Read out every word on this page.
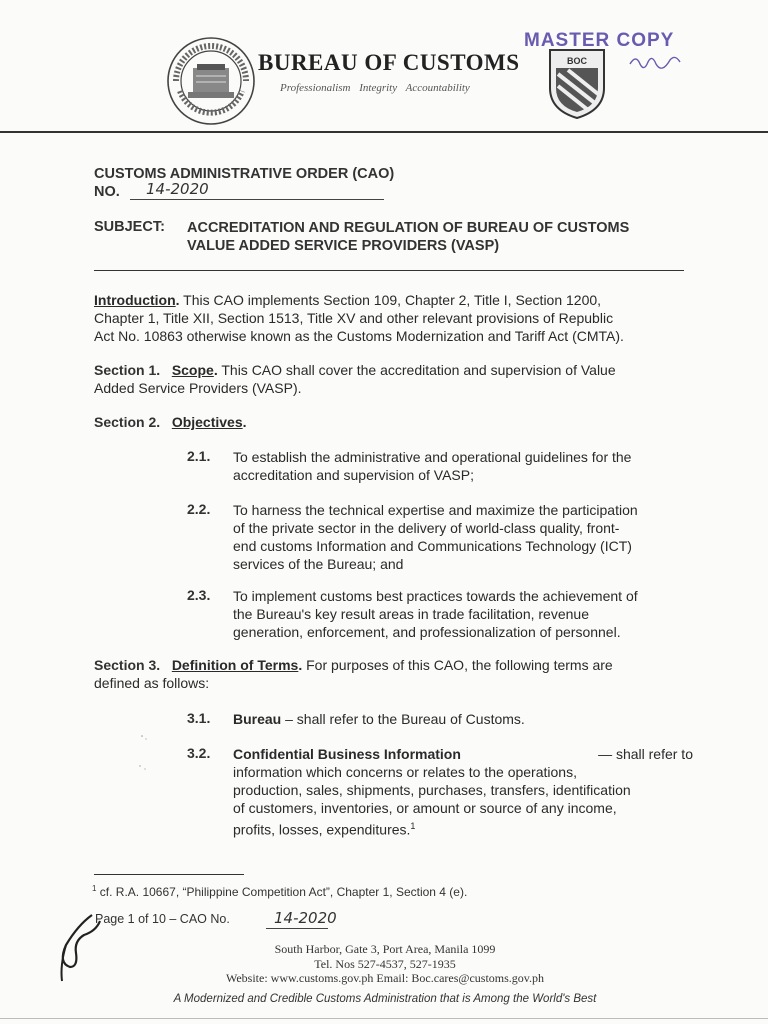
BUREAU OF CUSTOMS
Professionalism Integrity Accountability
BOC
MASTER COPY
CUSTOMS ADMINISTRATIVE ORDER (CAO)
NO. 14-2020
SUBJECT: ACCREDITATION AND REGULATION OF BUREAU OF CUSTOMS
VALUE ADDED SERVICE PROVIDERS (VASP)
Introduction. This CAO implements Section 109, Chapter 2, Title I, Section 1200,
Chapter 1, Title XII, Section 1513, Title XV and other relevant provisions of Republic
Act No. 10863 otherwise known as the Customs Modernization and Tariff Act (CMTA).
Section 1. Scope. This CAO shall cover the accreditation and supervision of Value
Added Service Providers (VASP).
Section 2. Objectives.
2.1. To establish the administrative and operational guidelines for the
accreditation and supervision of VASP;
2.2. To harness the technical expertise and maximize the participation
of the private sector in the delivery of world-class quality, front-
end customs Information and Communications Technology (ICT)
services of the Bureau; and
2.3. To implement customs best practices towards the achievement of
the Bureau's key result areas in trade facilitation, revenue
generation, enforcement, and professionalization of personnel.
Section 3. Definition of Terms. For purposes of this CAO, the following terms are
defined as follows:
3.1. Bureau – shall refer to the Bureau of Customs.
3.2. Confidential Business Information	— shall refer to
information which concerns or relates to the operations,
production, sales, shipments, purchases, transfers, identification
of customers, inventories, or amount or source of any income,
profits, losses, expenditures.$^1$
$^1$ cf. R.A. 10667, “Philippine Competition Act”, Chapter 1, Section 4 (e).
Page 1 of 10 – CAO No.	14-2020
South Harbor, Gate 3, Port Area, Manila 1099
Tel. Nos 527-4537, 527-1935
Website: www.customs.gov.ph Email: Boc.cares@customs.gov.ph
A Modernized and Credible Customs Administration that is Among the World's Best
